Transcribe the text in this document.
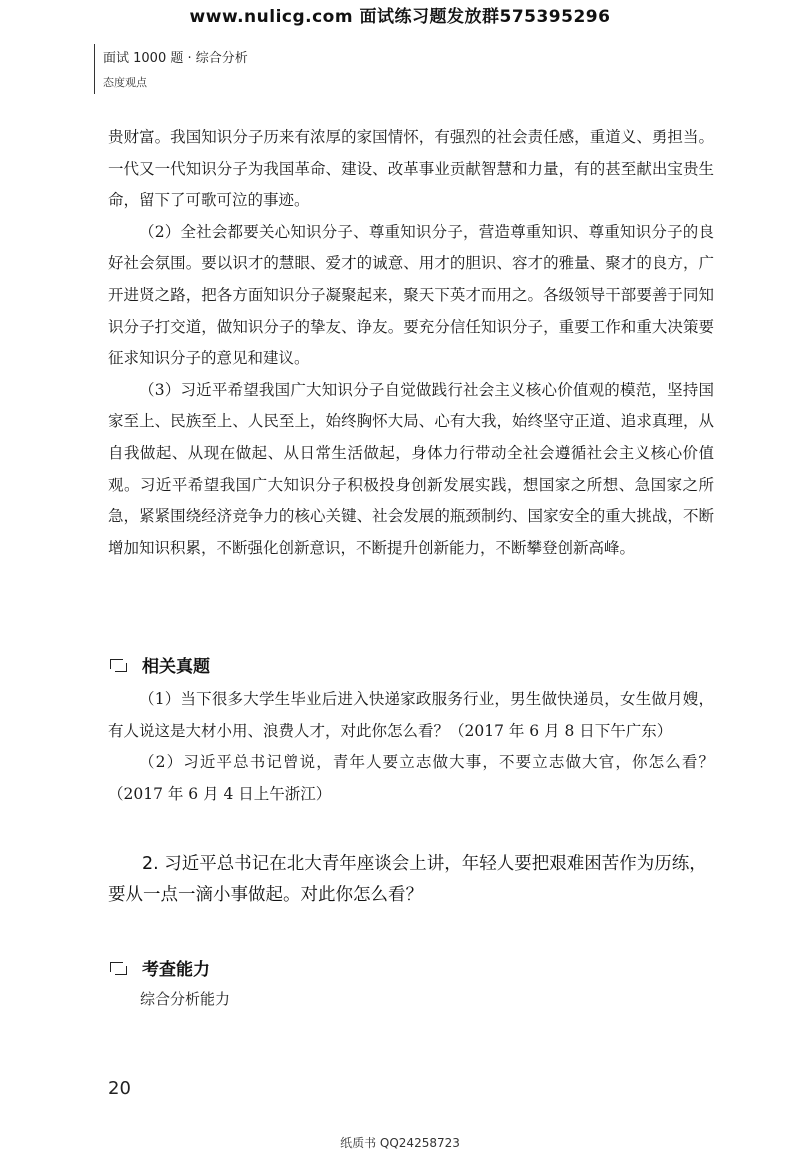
www.nulicg.com 面试练习题发放群575395296
面试 1000 题 · 综合分析
态度观点

贵财富。我国知识分子历来有浓厚的家国情怀，有强烈的社会责任感，重道义、勇担当。一代又一代知识分子为我国革命、建设、改革事业贡献智慧和力量，有的甚至献出宝贵生命，留下了可歌可泣的事迹。

（2）全社会都要关心知识分子、尊重知识分子，营造尊重知识、尊重知识分子的良好社会氛围。要以识才的慧眼、爱才的诚意、用才的胆识、容才的雅量、聚才的良方，广开进贤之路，把各方面知识分子凝聚起来，聚天下英才而用之。各级领导干部要善于同知识分子打交道，做知识分子的挚友、诤友。要充分信任知识分子，重要工作和重大决策要征求知识分子的意见和建议。

（3）习近平希望我国广大知识分子自觉做践行社会主义核心价值观的模范，坚持国家至上、民族至上、人民至上，始终胸怀大局、心有大我，始终坚守正道、追求真理，从自我做起、从现在做起、从日常生活做起，身体力行带动全社会遵循社会主义核心价值观。习近平希望我国广大知识分子积极投身创新发展实践，想国家之所想、急国家之所急，紧紧围绕经济竞争力的核心关键、社会发展的瓶颈制约、国家安全的重大挑战，不断增加知识积累，不断强化创新意识，不断提升创新能力，不断攀登创新高峰。

相关真题

（1）当下很多大学生毕业后进入快递家政服务行业，男生做快递员，女生做月嫂，有人说这是大材小用、浪费人才，对此你怎么看？（2017 年 6 月 8 日下午广东）

（2）习近平总书记曾说，青年人要立志做大事，不要立志做大官，你怎么看？（2017 年 6 月 4 日上午浙江）

2. 习近平总书记在北大青年座谈会上讲，年轻人要把艰难困苦作为历练，

要从一点一滴小事做起。对此你怎么看？

考查能力
综合分析能力
20
纸质书 QQ24258723
